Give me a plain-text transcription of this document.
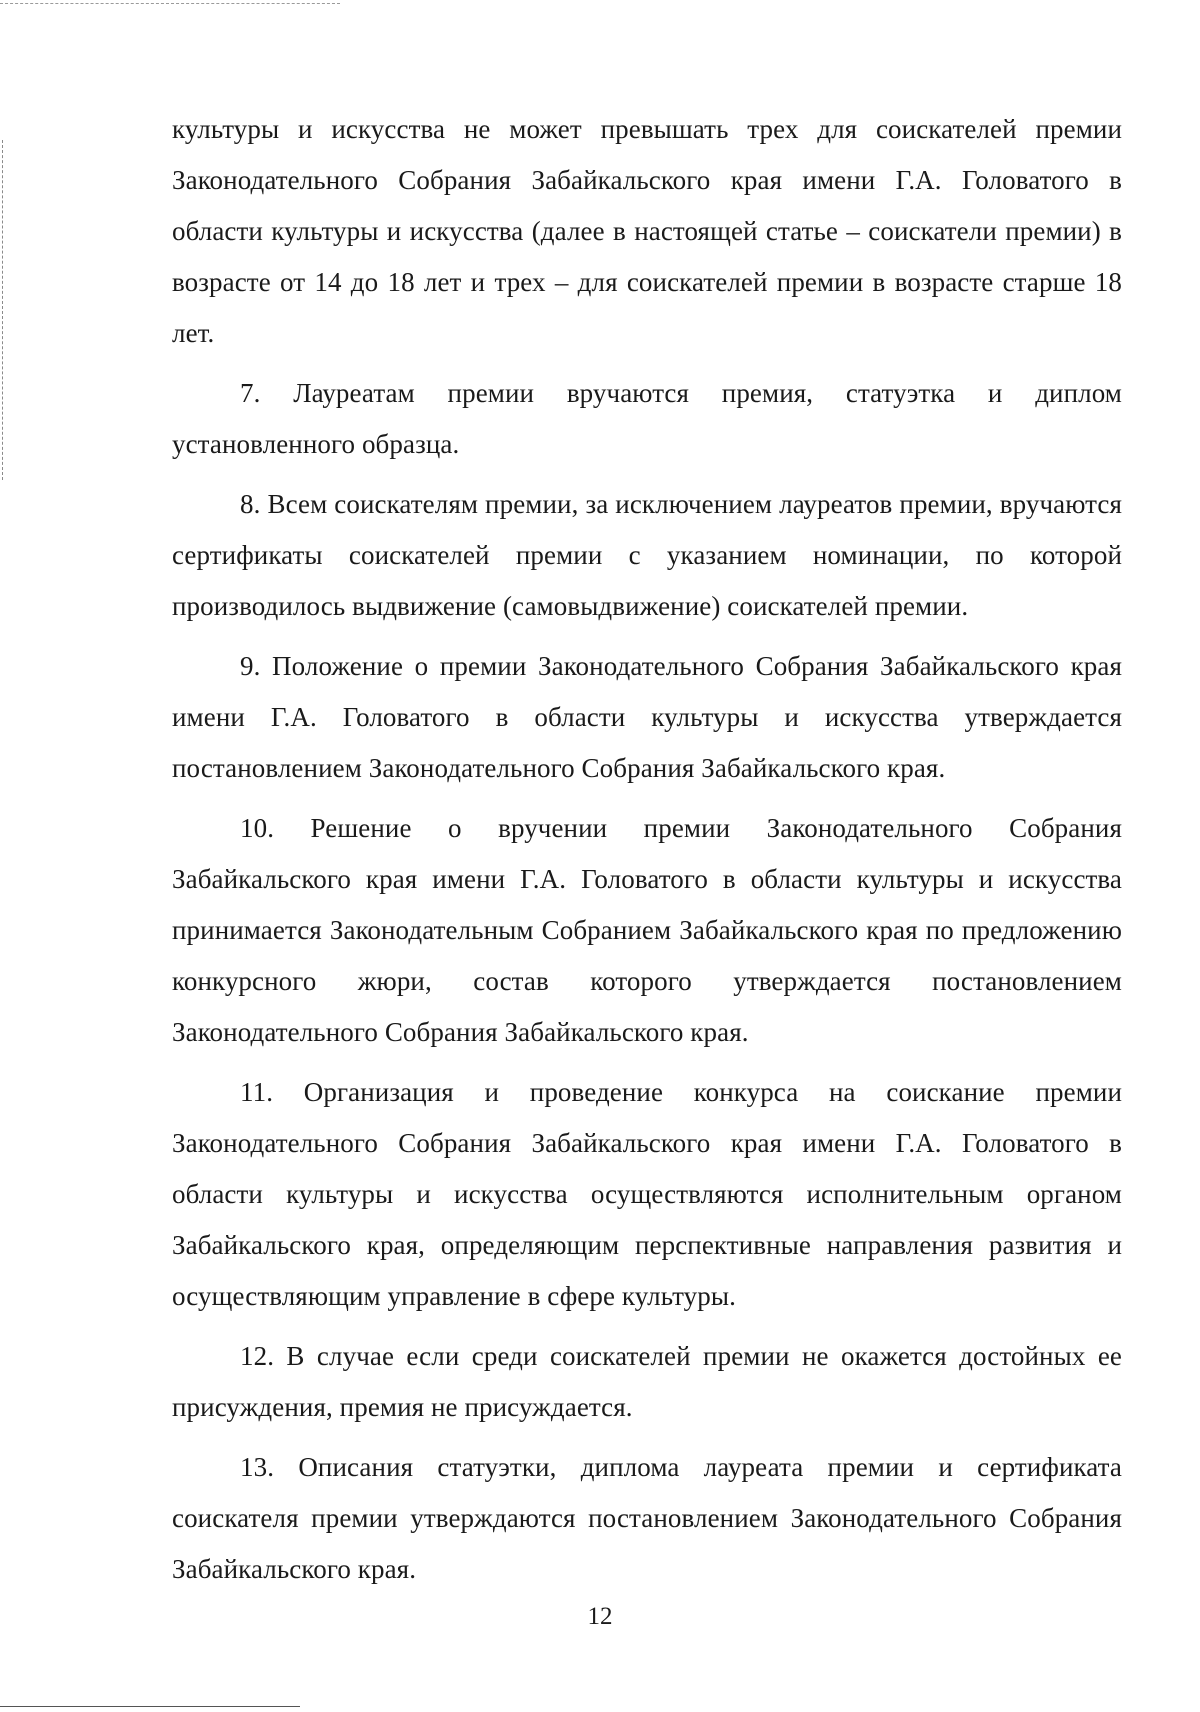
культуры и искусства не может превышать трех для соискателей премии Законодательного Собрания Забайкальского края имени Г.А. Головатого в области культуры и искусства (далее в настоящей статье – соискатели премии) в возрасте от 14 до 18 лет и трех – для соискателей премии в возрасте старше 18 лет.

7. Лауреатам премии вручаются премия, статуэтка и диплом установленного образца.

8. Всем соискателям премии, за исключением лауреатов премии, вручаются сертификаты соискателей премии с указанием номинации, по которой производилось выдвижение (самовыдвижение) соискателей премии.

9. Положение о премии Законодательного Собрания Забайкальского края имени Г.А. Головатого в области культуры и искусства утверждается постановлением Законодательного Собрания Забайкальского края.

10. Решение о вручении премии Законодательного Собрания Забайкальского края имени Г.А. Головатого в области культуры и искусства принимается Законодательным Собранием Забайкальского края по предложению конкурсного жюри, состав которого утверждается постановлением Законодательного Собрания Забайкальского края.

11. Организация и проведение конкурса на соискание премии Законодательного Собрания Забайкальского края имени Г.А. Головатого в области культуры и искусства осуществляются исполнительным органом Забайкальского края, определяющим перспективные направления развития и осуществляющим управление в сфере культуры.

12. В случае если среди соискателей премии не окажется достойных ее присуждения, премия не присуждается.

13. Описания статуэтки, диплома лауреата премии и сертификата соискателя премии утверждаются постановлением Законодательного Собрания Забайкальского края.

12
